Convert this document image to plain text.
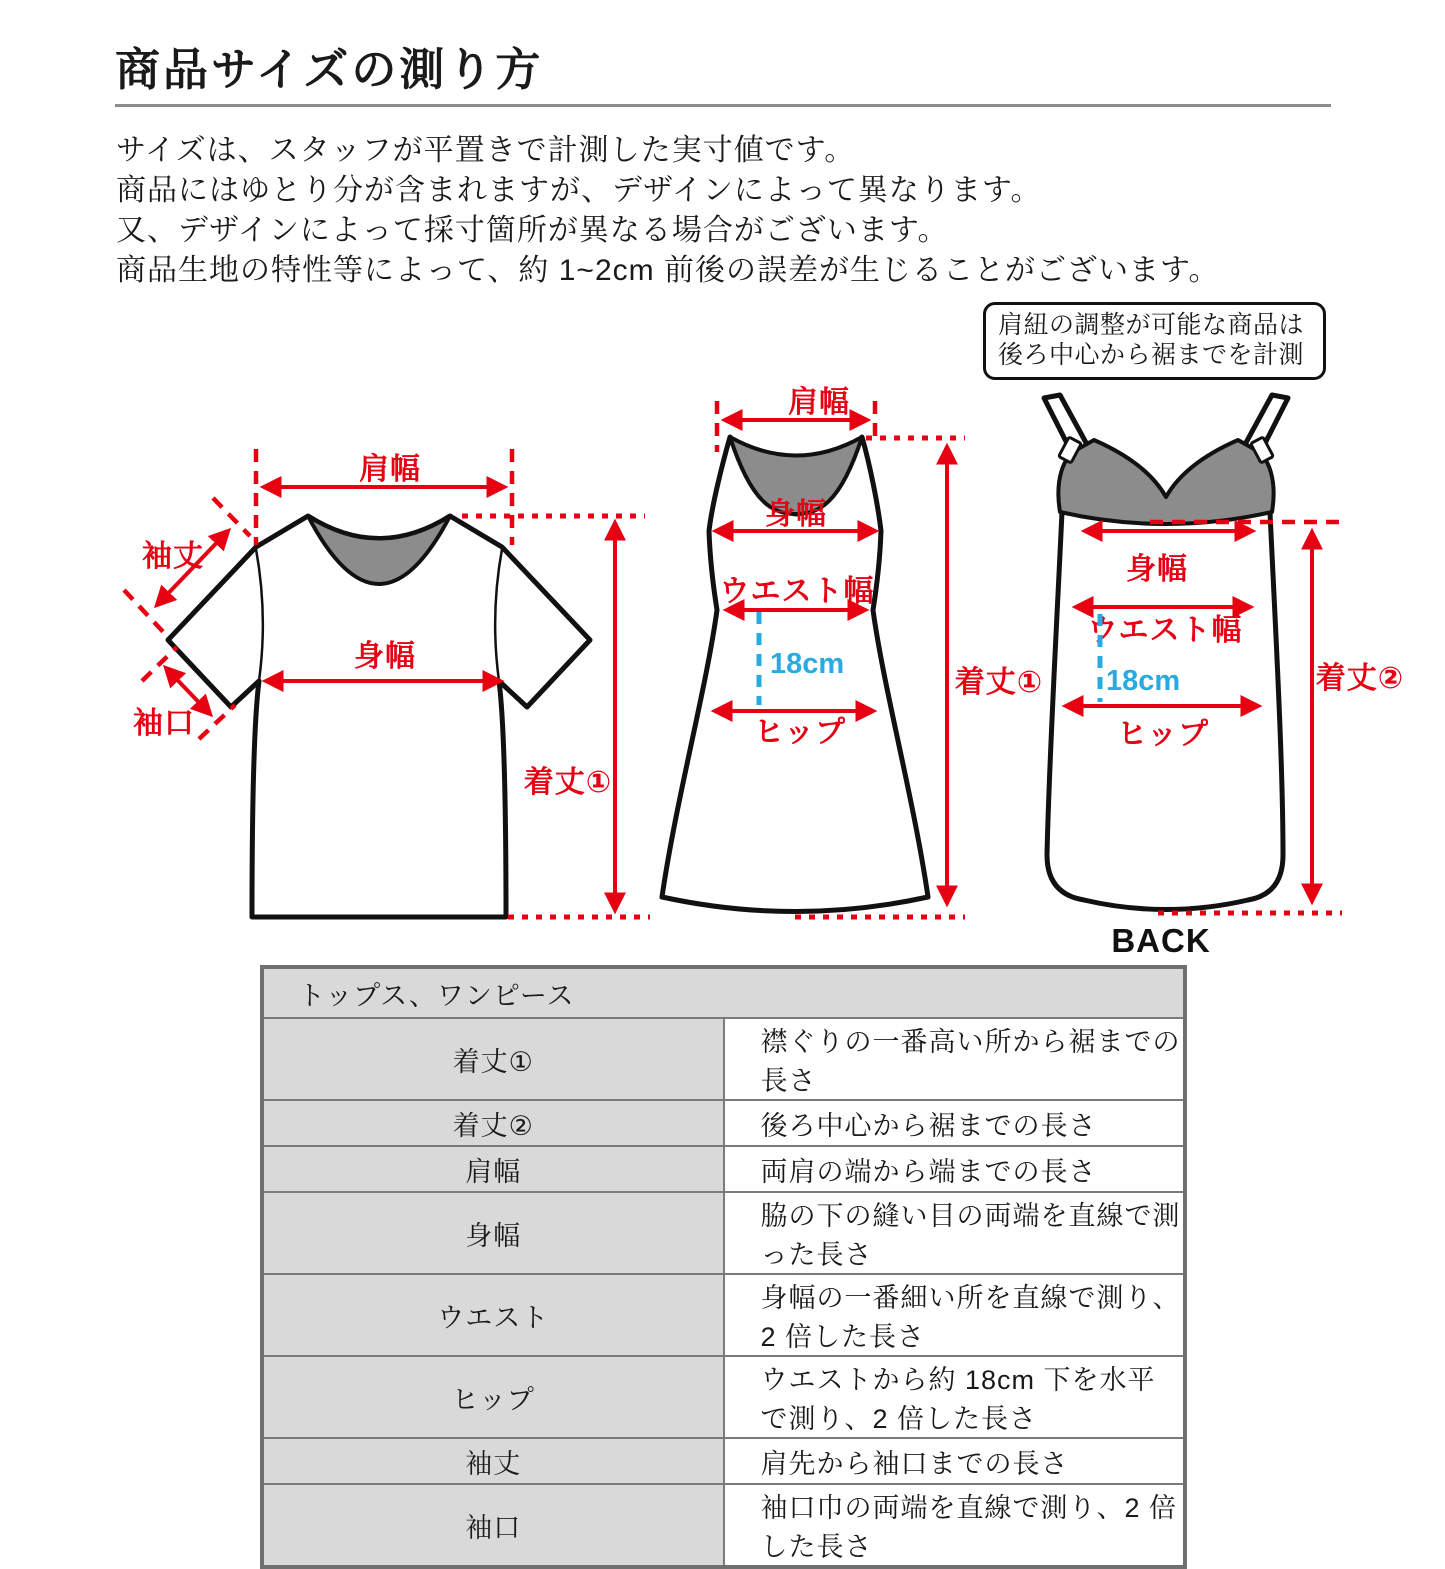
商品サイズの測り方

サイズは、スタッフが平置きで計測した実寸値です。

商品にはゆとり分が含まれますが、デザインによって異なります。

又、デザインによって採寸箇所が異なる場合がございます。

商品生地の特性等によって、約 1~2cm 前後の誤差が生じることがございます。

肩紐の調整が可能な商品は

後ろ中心から裾までを計測

肩幅
袖丈
袖口
身幅
着丈①
肩幅
身幅
ウエスト幅
18cm
ヒップ
着丈①
身幅
ウエスト幅
18cm
ヒップ
着丈②
BACK
トップス、ワンピース	
着丈①	襟ぐりの一番高い所から裾までの長さ
着丈②	後ろ中心から裾までの長さ
肩幅	両肩の端から端までの長さ
身幅	脇の下の縫い目の両端を直線で測った長さ
ウエスト	身幅の一番細い所を直線で測り、2 倍した長さ
ヒップ	ウエストから約 18cm 下を水平で測り、2 倍した長さ
袖丈	肩先から袖口までの長さ
袖口	袖口巾の両端を直線で測り、2 倍した長さ
